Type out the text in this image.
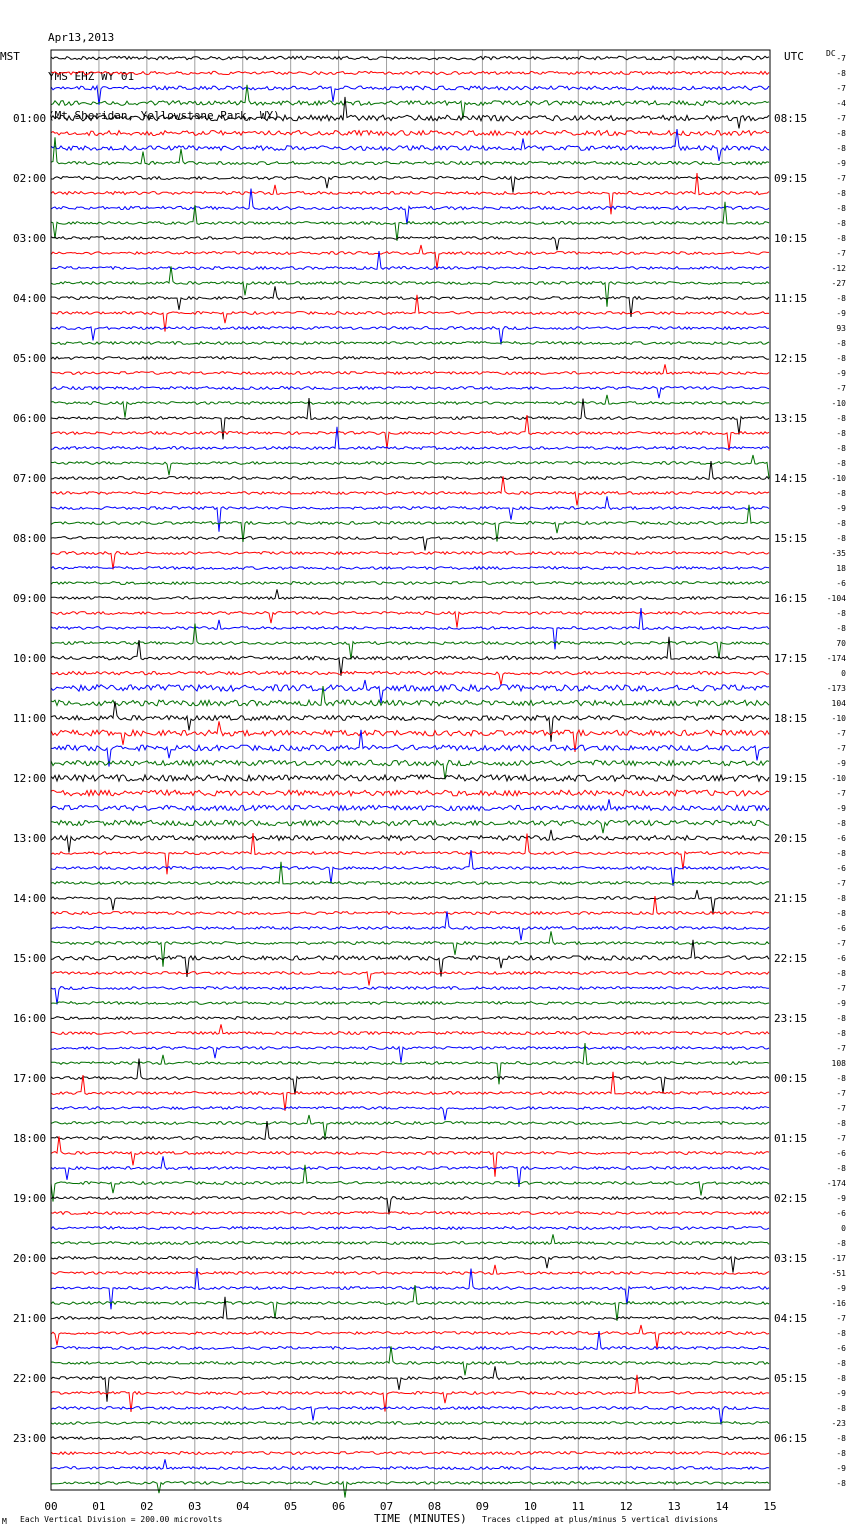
Apr13,2013

YMS EHZ WY 01

(Mt Sheridan, Yellowstone Park, WY)

MST	UTC	DC
01:00
02:00
03:00
04:00
05:00
06:00
07:00
08:00
09:00
10:00
11:00
12:00
13:00
14:00
15:00
16:00
17:00
18:00
19:00
20:00
21:00
22:00
23:00
08:15
09:15
10:15
11:15
12:15
13:15
14:15
15:15
16:15
17:15
18:15
19:15
20:15
21:15
22:15
23:15
00:15
01:15
02:15
03:15
04:15
05:15
06:15
-7
-8
-7
-4
-7
-8
-8
-9
-7
-8
-8
-8
-8
-7
-12
-27
-8
-9
93
-8
-8
-9
-7
-10
-8
-8
-8
-8
-10
-8
-9
-8
-8
-35
18
-6
-104
-8
-8
70
-174
0
-173
104
-10
-7
-7
-9
-10
-7
-9
-8
-6
-8
-6
-7
-8
-8
-6
-7
-6
-8
-7
-9
-8
-8
-7
108
-8
-7
-7
-8
-7
-6
-8
-174
-9
-6
0
-8
-17
-51
-9
-16
-7
-8
-6
-8
-8
-9
-8
-23
-8
-8
-9
-8
00	01	02	03	04	05	06	07	08	09	10	11	12	13	14	15
TIME (MINUTES)
M Each Vertical Division = 200.00 microvolts	Traces clipped at plus/minus 5 vertical divisions
